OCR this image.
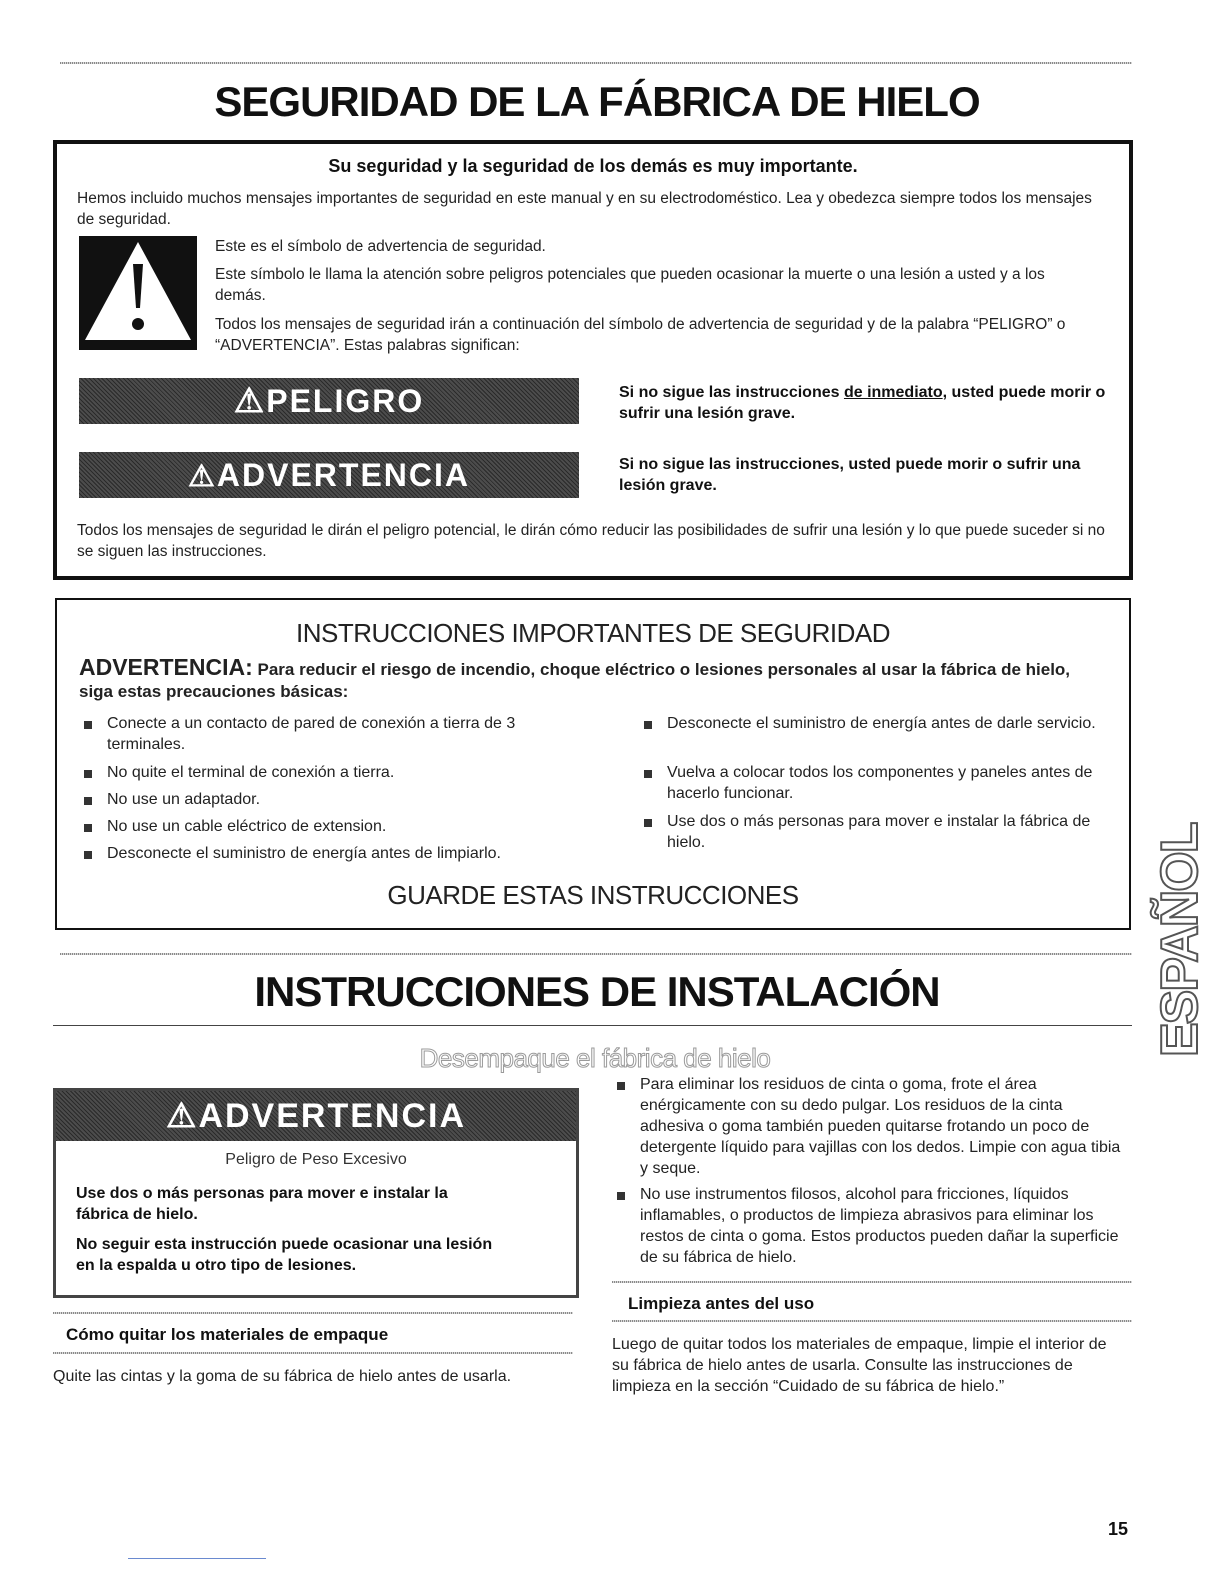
SEGURIDAD DE LA FÁBRICA DE HIELO
Su seguridad y la seguridad de los demás es muy importante.

Hemos incluido muchos mensajes importantes de seguridad en este manual y en su electrodoméstico. Lea y obedezca siempre todos los mensajes de seguridad.

Este es el símbolo de advertencia de seguridad.

Este símbolo le llama la atención sobre peligros potenciales que pueden ocasionar la muerte o una lesión a usted y a los demás.

Todos los mensajes de seguridad irán a continuación del símbolo de advertencia de seguridad y de la palabra “PELIGRO” o “ADVERTENCIA”. Estas palabras significan:

⚠PELIGRO	Si no sigue las instrucciones de inmediato, usted puede morir o sufrir una lesión grave.

⚠ADVERTENCIA	Si no sigue las instrucciones, usted puede morir o sufrir una lesión grave.

Todos los mensajes de seguridad le dirán el peligro potencial, le dirán cómo reducir las posibilidades de sufrir una lesión y lo que puede suceder si no se siguen las instrucciones.

INSTRUCCIONES IMPORTANTES DE SEGURIDAD

ADVERTENCIA: Para reducir el riesgo de incendio, choque eléctrico o lesiones personales al usar la fábrica de hielo, siga estas precauciones básicas:

Conecte a un contacto de pared de conexión a tierra de 3 terminales.

No quite el terminal de conexión a tierra.

No use un adaptador.

No use un cable eléctrico de extension.

Desconecte el suministro de energía antes de limpiarlo.

Desconecte el suministro de energía antes de darle servicio.

Vuelva a colocar todos los componentes y paneles antes de hacerlo funcionar.

Use dos o más personas para mover e instalar la fábrica de hielo.

GUARDE ESTAS INSTRUCCIONES
INSTRUCCIONES DE INSTALACIÓN
Desempaque el fábrica de hielo
⚠ADVERTENCIA
Peligro de Peso Excesivo

Use dos o más personas para mover e instalar la fábrica de hielo.

No seguir esta instrucción puede ocasionar una lesión en la espalda u otro tipo de lesiones.

Cómo quitar los materiales de empaque

Quite las cintas y la goma de su fábrica de hielo antes de usarla.

Para eliminar los residuos de cinta o goma, frote el área enérgicamente con su dedo pulgar. Los residuos de la cinta adhesiva o goma también pueden quitarse frotando un poco de detergente líquido para vajillas con los dedos. Limpie con agua tibia y seque.

No use instrumentos filosos, alcohol para fricciones, líquidos inflamables, o productos de limpieza abrasivos para eliminar los restos de cinta o goma. Estos productos pueden dañar la superficie de su fábrica de hielo.

Limpieza antes del uso

Luego de quitar todos los materiales de empaque, limpie el interior de su fábrica de hielo antes de usarla. Consulte las instrucciones de limpieza en la sección “Cuidado de su fábrica de hielo.”

ESPAÑOL
15
